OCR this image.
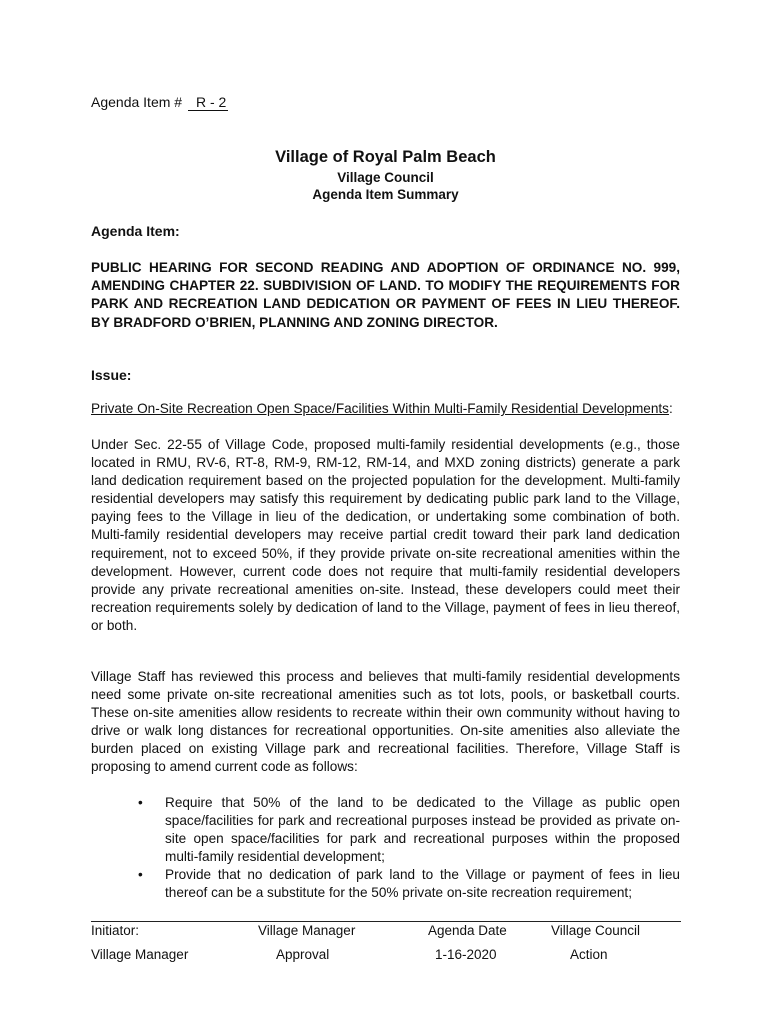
Agenda Item # R - 2
Village of Royal Palm Beach
Village Council
Agenda Item Summary
Agenda Item:

PUBLIC HEARING FOR SECOND READING AND ADOPTION OF ORDINANCE NO. 999, AMENDING CHAPTER 22. SUBDIVISION OF LAND. TO MODIFY THE REQUIREMENTS FOR PARK AND RECREATION LAND DEDICATION OR PAYMENT OF FEES IN LIEU THEREOF. BY BRADFORD O’BRIEN, PLANNING AND ZONING DIRECTOR.

Issue:

Private On-Site Recreation Open Space/Facilities Within Multi-Family Residential Developments:

Under Sec. 22-55 of Village Code, proposed multi-family residential developments (e.g., those located in RMU, RV-6, RT-8, RM-9, RM-12, RM-14, and MXD zoning districts) generate a park land dedication requirement based on the projected population for the development. Multi-family residential developers may satisfy this requirement by dedicating public park land to the Village, paying fees to the Village in lieu of the dedication, or undertaking some combination of both. Multi-family residential developers may receive partial credit toward their park land dedication requirement, not to exceed 50%, if they provide private on-site recreational amenities within the development. However, current code does not require that multi-family residential developers provide any private recreational amenities on-site. Instead, these developers could meet their recreation requirements solely by dedication of land to the Village, payment of fees in lieu thereof, or both.

Village Staff has reviewed this process and believes that multi-family residential developments need some private on-site recreational amenities such as tot lots, pools, or basketball courts. These on-site amenities allow residents to recreate within their own community without having to drive or walk long distances for recreational opportunities. On-site amenities also alleviate the burden placed on existing Village park and recreational facilities. Therefore, Village Staff is proposing to amend current code as follows:

• Require that 50% of the land to be dedicated to the Village as public open space/facilities for park and recreational purposes instead be provided as private on-site open space/facilities for park and recreational purposes within the proposed multi-family residential development;
• Provide that no dedication of park land to the Village or payment of fees in lieu thereof can be a substitute for the 50% private on-site recreation requirement;
Initiator:
Village Manager
Village Manager
Approval
Agenda Date
1-16-2020
Village Council
Action
